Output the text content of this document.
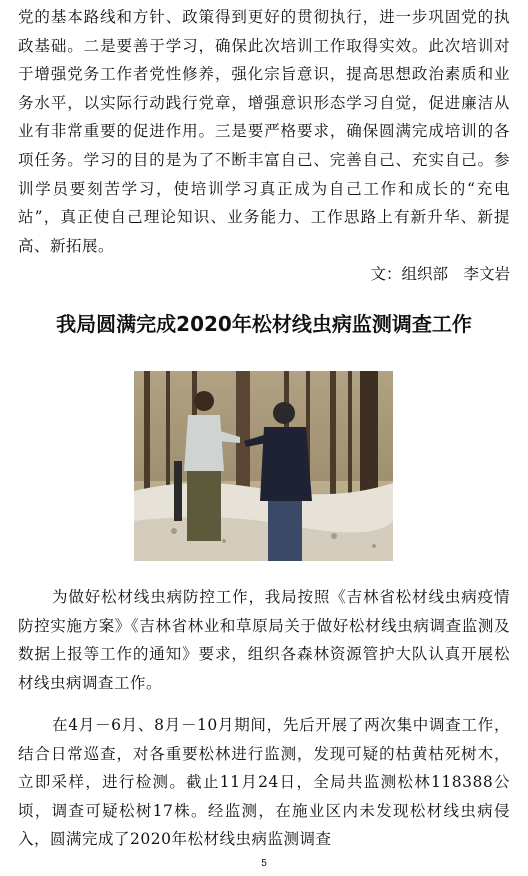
党的基本路线和方针、政策得到更好的贯彻执行，进一步巩固党的执政基础。二是要善于学习，确保此次培训工作取得实效。此次培训对于增强党务工作者党性修养，强化宗旨意识，提高思想政治素质和业务水平，以实际行动践行党章，增强意识形态学习自觉，促进廉洁从业有非常重要的促进作用。三是要严格要求，确保圆满完成培训的各项任务。学习的目的是为了不断丰富自己、完善自己、充实自己。参训学员要刻苦学习，使培训学习真正成为自己工作和成长的“充电站”，真正使自己理论知识、业务能力、工作思路上有新升华、新提高、新拓展。
文：组织部　李文岩
我局圆满完成2020年松材线虫病监测调查工作
为做好松材线虫病防控工作，我局按照《吉林省松材线虫病疫情防控实施方案》《吉林省林业和草原局关于做好松材线虫病调查监测及数据上报等工作的通知》要求，组织各森林资源管护大队认真开展松材线虫病调查工作。
在4月－6月、8月－10月期间，先后开展了两次集中调查工作，结合日常巡查，对各重要松林进行监测，发现可疑的枯黄枯死树木，立即采样，进行检测。截止11月24日，全局共监测松林118388公顷，调查可疑松树17株。经监测，在施业区内未发现松材线虫病侵入，圆满完成了2020年松材线虫病监测调查
5
